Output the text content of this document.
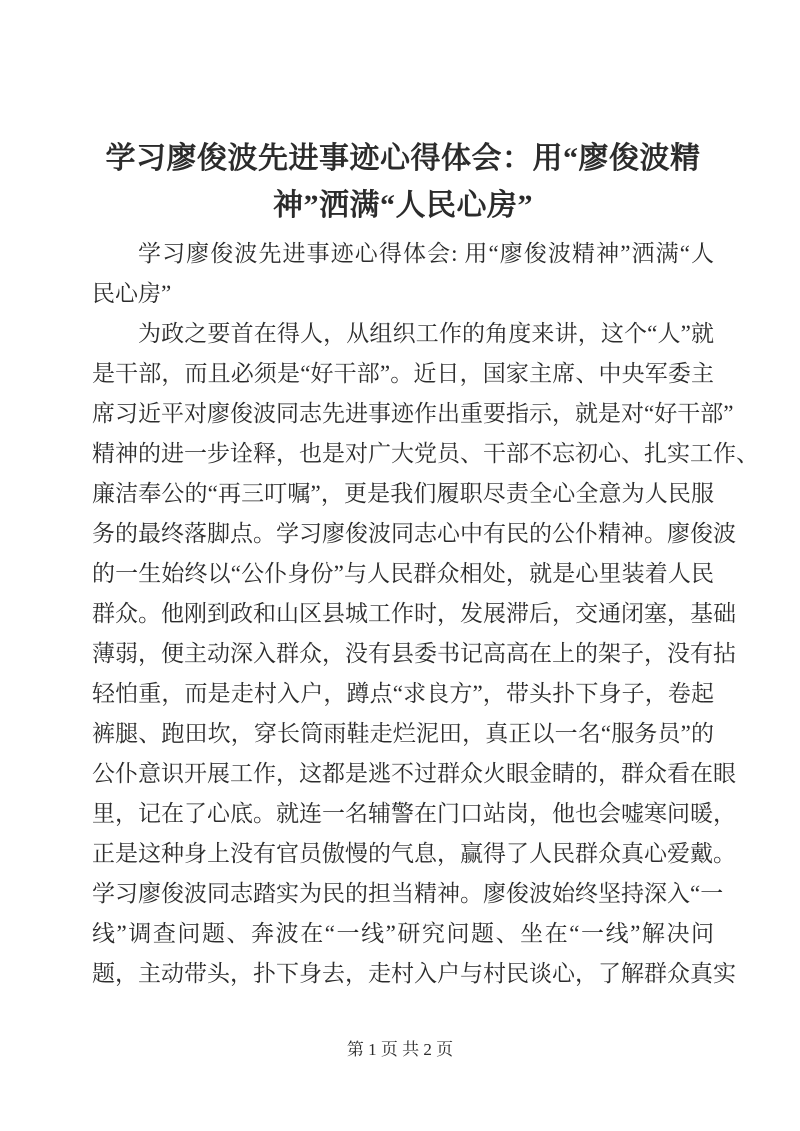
学习廖俊波先进事迹心得体会：用“廖俊波精
神”洒满“人民心房”
学习廖俊波先进事迹心得体会: 用“廖俊波精神”洒满“人
民心房”
为政之要首在得人，从组织工作的角度来讲，这个“人”就
是干部，而且必须是“好干部”。近日，国家主席、中央军委主
席习近平对廖俊波同志先进事迹作出重要指示，就是对“好干部”
精神的进一步诠释，也是对广大党员、干部不忘初心、扎实工作、
廉洁奉公的“再三叮嘱”，更是我们履职尽责全心全意为人民服
务的最终落脚点。学习廖俊波同志心中有民的公仆精神。廖俊波
的一生始终以“公仆身份”与人民群众相处，就是心里装着人民
群众。他刚到政和山区县城工作时，发展滞后，交通闭塞，基础
薄弱，便主动深入群众，没有县委书记高高在上的架子，没有拈
轻怕重，而是走村入户，蹲点“求良方”，带头扑下身子，卷起
裤腿、跑田坎，穿长筒雨鞋走烂泥田，真正以一名“服务员”的
公仆意识开展工作，这都是逃不过群众火眼金睛的，群众看在眼
里，记在了心底。就连一名辅警在门口站岗，他也会嘘寒问暖，
正是这种身上没有官员傲慢的气息，赢得了人民群众真心爱戴。
学习廖俊波同志踏实为民的担当精神。廖俊波始终坚持深入“一
线”调查问题、奔波在“一线”研究问题、坐在“一线”解决问
题，主动带头，扑下身去，走村入户与村民谈心，了解群众真实
第 1 页 共 2 页
